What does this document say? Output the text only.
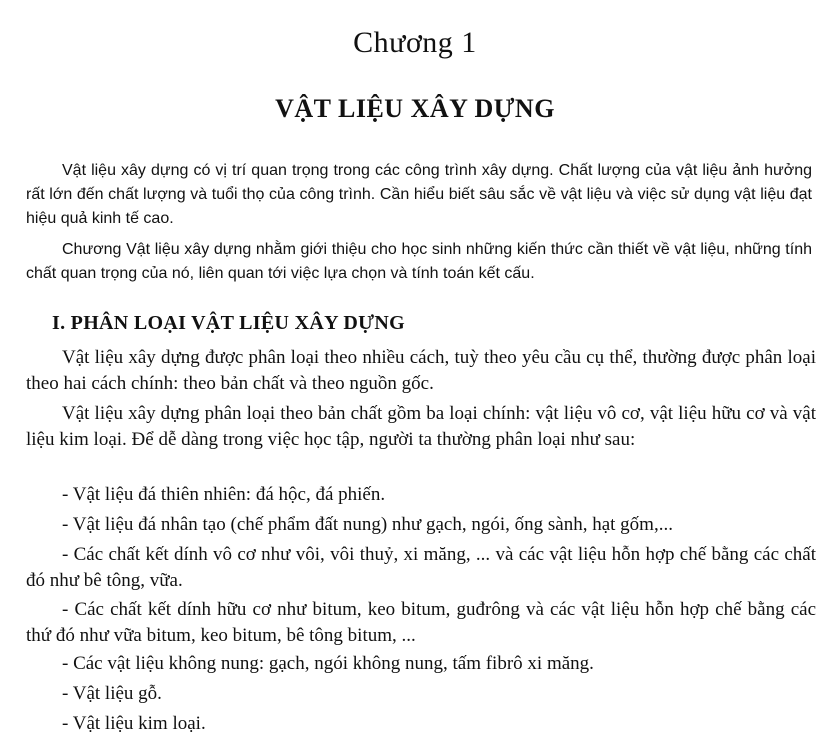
Chương 1
VẬT LIỆU XÂY DỰNG
Vật liệu xây dựng có vị trí quan trọng trong các công trình xây dựng. Chất lượng của vật liệu ảnh hưởng rất lớn đến chất lượng và tuổi thọ của công trình. Cần hiểu biết sâu sắc về vật liệu và việc sử dụng vật liệu đạt hiệu quả kinh tế cao.
Chương Vật liệu xây dựng nhằm giới thiệu cho học sinh những kiến thức cần thiết về vật liệu, những tính chất quan trọng của nó, liên quan tới việc lựa chọn và tính toán kết cấu.
I. PHÂN LOẠI VẬT LIỆU XÂY DỰNG
Vật liệu xây dựng được phân loại theo nhiều cách, tuỳ theo yêu cầu cụ thể, thường được phân loại theo hai cách chính: theo bản chất và theo nguồn gốc.
Vật liệu xây dựng phân loại theo bản chất gồm ba loại chính: vật liệu vô cơ, vật liệu hữu cơ và vật liệu kim loại. Để dễ dàng trong việc học tập, người ta thường phân loại như sau:
- Vật liệu đá thiên nhiên: đá hộc, đá phiến.
- Vật liệu đá nhân tạo (chế phẩm đất nung) như gạch, ngói, ống sành, hạt gốm,...
- Các chất kết dính vô cơ như vôi, vôi thuỷ, xi măng, ... và các vật liệu hỗn hợp chế bằng các chất đó như bê tông, vữa.
- Các chất kết dính hữu cơ như bitum, keo bitum, guđrông và các vật liệu hỗn hợp chế bằng các thứ đó như vữa bitum, keo bitum, bê tông bitum, ...
- Các vật liệu không nung: gạch, ngói không nung, tấm fibrô xi măng.
- Vật liệu gỗ.
- Vật liệu kim loại.
